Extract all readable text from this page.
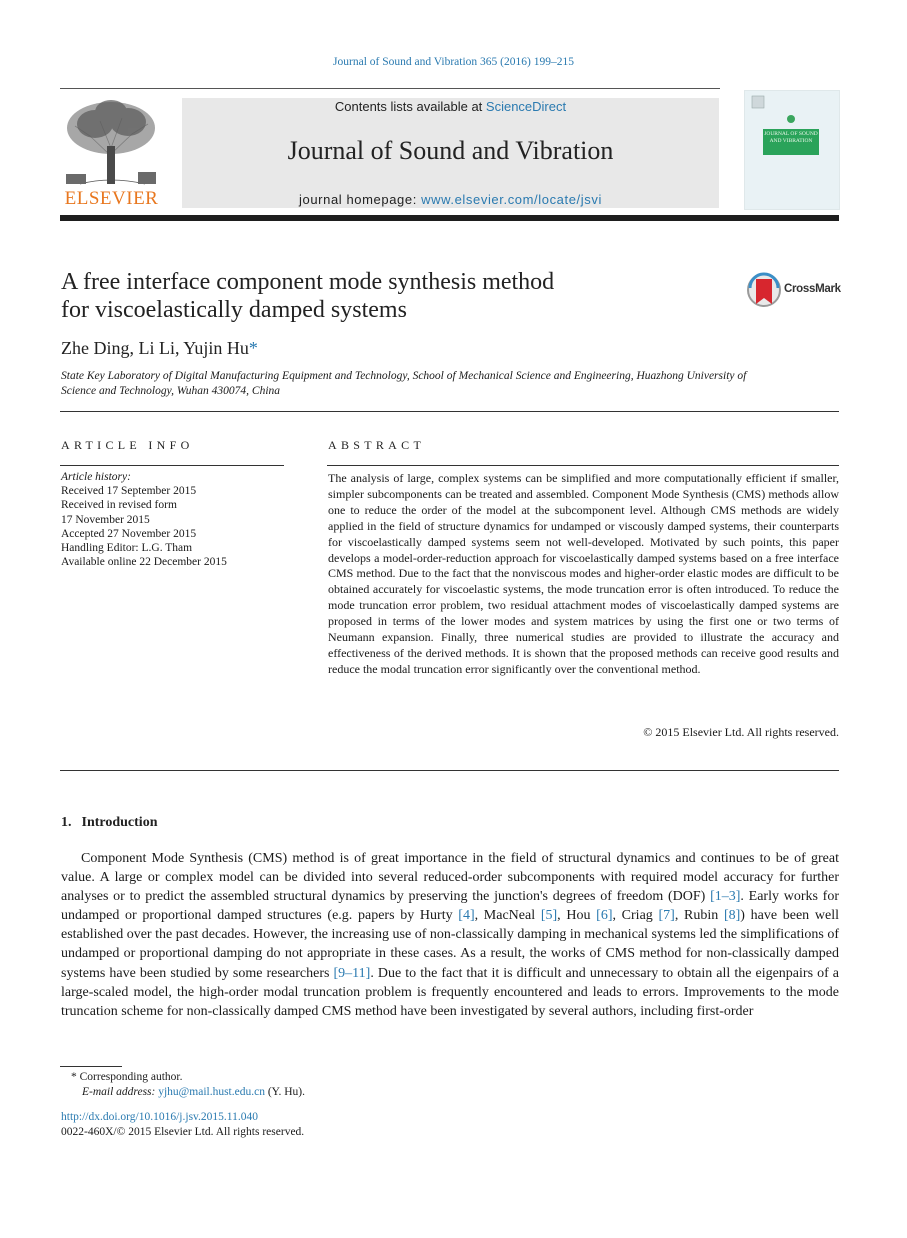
Journal of Sound and Vibration 365 (2016) 199–215
ELSEVIER
Contents lists available at ScienceDirect
Journal of Sound and Vibration
journal homepage: www.elsevier.com/locate/jsvi
JOURNAL OF SOUND AND VIBRATION
A free interface component mode synthesis method
for viscoelastically damped systems
CrossMark
Zhe Ding, Li Li, Yujin Hu*
State Key Laboratory of Digital Manufacturing Equipment and Technology, School of Mechanical Science and Engineering, Huazhong University of Science and Technology, Wuhan 430074, China
ARTICLE INFO
Article history:
Received 17 September 2015
Received in revised form
17 November 2015
Accepted 27 November 2015
Handling Editor: L.G. Tham
Available online 22 December 2015
ABSTRACT
The analysis of large, complex systems can be simplified and more computationally efficient if smaller, simpler subcomponents can be treated and assembled. Component Mode Synthesis (CMS) methods allow one to reduce the order of the model at the subcomponent level. Although CMS methods are widely applied in the field of structure dynamics for undamped or viscously damped systems, their counterparts for viscoelastically damped systems seem not well-developed. Motivated by such points, this paper develops a model-order-reduction approach for viscoelastically damped systems based on a free interface CMS method. Due to the fact that the nonviscous modes and higher-order elastic modes are difficult to be obtained accurately for viscoelastic systems, the mode truncation error is often introduced. To reduce the mode truncation error problem, two residual attachment modes of viscoelastically damped systems are proposed in terms of the lower modes and system matrices by using the first one or two terms of Neumann expansion. Finally, three numerical studies are provided to illustrate the accuracy and effectiveness of the derived methods. It is shown that the proposed methods can receive good results and reduce the modal truncation error significantly over the conventional method.
© 2015 Elsevier Ltd. All rights reserved.
1. Introduction
Component Mode Synthesis (CMS) method is of great importance in the field of structural dynamics and continues to be of great value. A large or complex model can be divided into several reduced-order subcomponents with required model accuracy for further analyses or to predict the assembled structural dynamics by preserving the junction's degrees of freedom (DOF) [1–3]. Early works for undamped or proportional damped structures (e.g. papers by Hurty [4], MacNeal [5], Hou [6], Criag [7], Rubin [8]) have been well established over the past decades. However, the increasing use of non-classically damping in mechanical systems led the simplifications of undamped or proportional damping do not appropriate in these cases. As a result, the works of CMS method for non-classically damped systems have been studied by some researchers [9–11]. Due to the fact that it is difficult and unnecessary to obtain all the eigenpairs of a large-scaled model, the high-order modal truncation problem is frequently encountered and leads to errors. Improvements to the mode truncation scheme for non-classically damped CMS method have been investigated by several authors, including first-order
* Corresponding author.
E-mail address: yjhu@mail.hust.edu.cn (Y. Hu).
http://dx.doi.org/10.1016/j.jsv.2015.11.040
0022-460X/© 2015 Elsevier Ltd. All rights reserved.
